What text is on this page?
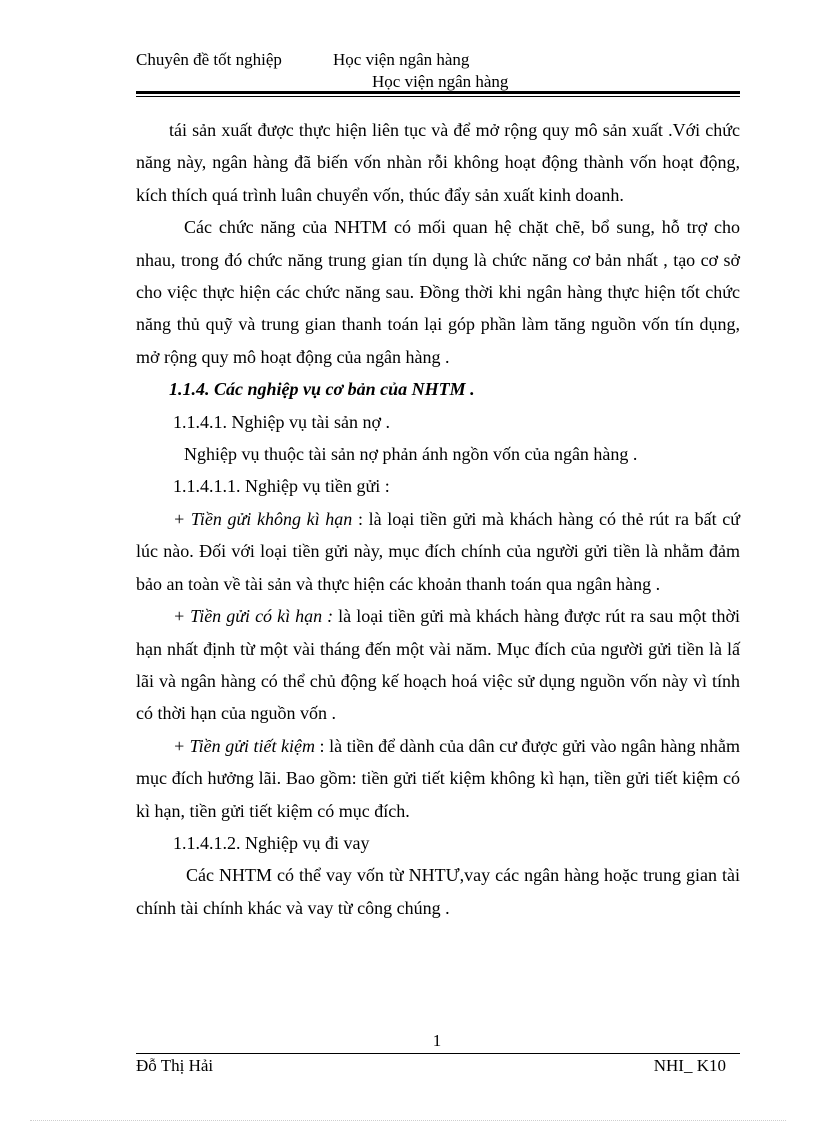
Chuyên đề tốt nghiệp	Học viện ngân hàng
Học viện ngân hàng

tái sản xuất được thực hiện liên tục và để mở rộng quy mô sản xuất .Với chức năng này, ngân hàng đã biến vốn nhàn rỗi không hoạt động thành vốn hoạt động, kích thích quá trình luân chuyển vốn, thúc đẩy sản xuất kinh doanh.

Các chức năng của NHTM có mối quan hệ chặt chẽ, bổ sung, hỗ trợ cho nhau, trong đó chức năng trung gian tín dụng là chức năng cơ bản nhất , tạo cơ sở cho việc thực hiện các chức năng sau. Đồng thời khi ngân hàng thực hiện tốt chức năng thủ quỹ và trung gian thanh toán lại góp phần làm tăng nguồn vốn tín dụng, mở rộng quy mô hoạt động của ngân hàng .

1.1.4. Các nghiệp vụ cơ bản của NHTM .

1.1.4.1. Nghiệp vụ tài sản nợ .

Nghiệp vụ thuộc tài sản nợ phản ánh ngồn vốn của ngân hàng .

1.1.4.1.1. Nghiệp vụ tiền gửi :

+ Tiền gửi không kì hạn : là loại tiền gửi mà khách hàng có thẻ rút ra bất cứ lúc nào. Đối với loại tiền gửi này, mục đích chính của người gửi tiền là nhằm đảm bảo an toàn về tài sản và thực hiện các khoản thanh toán qua ngân hàng .

+ Tiền gửi có kì hạn : là loại tiền gửi mà khách hàng được rút ra sau một thời hạn nhất định từ một vài tháng đến một vài năm. Mục đích của người gửi tiền là lấ lãi và ngân hàng có thể chủ động kế hoạch hoá việc sử dụng nguồn vốn này vì tính có thời hạn của nguồn vốn .

+ Tiền gửi tiết kiệm : là tiền để dành của dân cư được gửi vào ngân hàng nhằm mục đích hưởng lãi. Bao gồm: tiền gửi tiết kiệm không kì hạn, tiền gửi tiết kiệm có kì hạn, tiền gửi tiết kiệm có mục đích.

1.1.4.1.2. Nghiệp vụ đi vay

Các NHTM có thể vay vốn từ NHTƯ,vay các ngân hàng hoặc trung gian tài chính tài chính khác và vay từ công chúng .

1
Đỗ Thị Hải	NHI_ K10
